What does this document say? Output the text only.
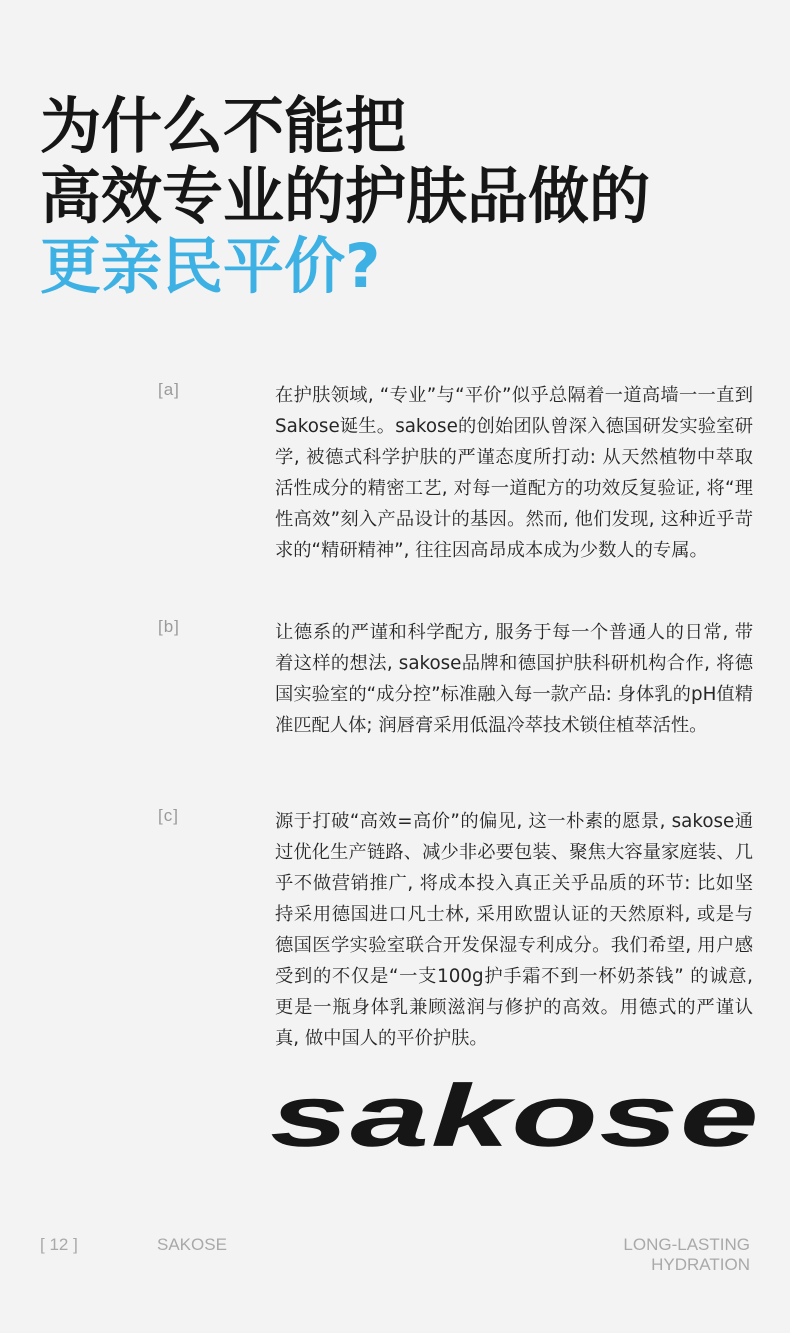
为什么不能把
高效专业的护肤品做的
更亲民平价?
[a]	在护肤领域, “专业”与“平价”似乎总隔着一道高墙一一直到Sakose诞生。sakose的创始团队曾深入德国研发实验室研学, 被德式科学护肤的严谨态度所打动: 从天然植物中萃取活性成分的精密工艺, 对每一道配方的功效反复验证, 将“理性高效”刻入产品设计的基因。然而, 他们发现, 这种近乎苛求的“精研精神”, 往往因高昂成本成为少数人的专属。

[b]	让德系的严谨和科学配方, 服务于每一个普通人的日常, 带着这样的想法, sakose品牌和德国护肤科研机构合作, 将德国实验室的“成分控”标准融入每一款产品: 身体乳的pH值精准匹配人体; 润唇膏采用低温冷萃技术锁住植萃活性。

[c]	源于打破“高效=高价”的偏见, 这一朴素的愿景, sakose通过优化生产链路、减少非必要包装、聚焦大容量家庭装、几乎不做营销推广, 将成本投入真正关乎品质的环节: 比如坚持采用德国进口凡士林, 采用欧盟认证的天然原料, 或是与德国医学实验室联合开发保湿专利成分。我们希望, 用户感受到的不仅是“一支100g护手霜不到一杯奶茶钱” 的诚意, 更是一瓶身体乳兼顾滋润与修护的高效。用德式的严谨认真, 做中国人的平价护肤。

sakose
[ 12 ]	SAKOSE	LONG-LASTING
HYDRATION
